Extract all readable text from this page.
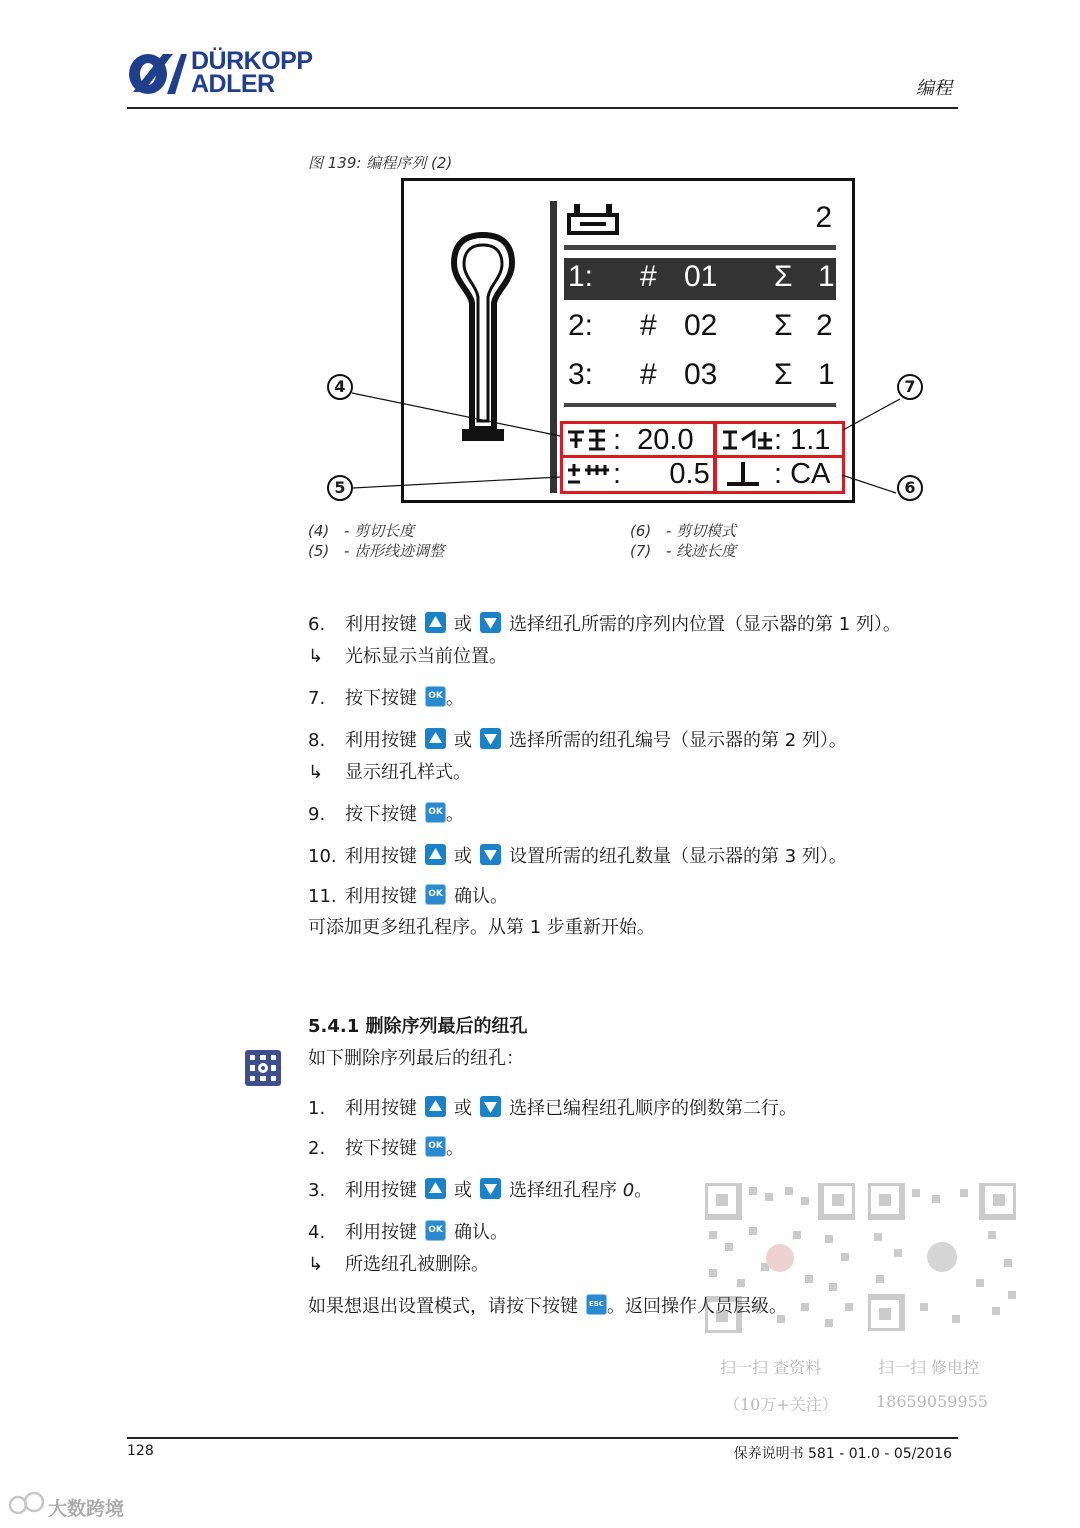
DÜRKOPP
ADLER	编程
图 139: 编程序列 (2)
2
1: # 01 Σ 1
2: # 02 Σ 2
3: # 03 Σ 1
:  20.0	: 1.1
:      0.5 : CA
4
5	6
7
(4) - 剪切长度
(5) - 齿形线迹调整
(6) - 剪切模式
(7) - 线迹长度
6. 利用按键 或 选择纽孔所需的序列内位置（显示器的第 1 列）。
↳ 光标显示当前位置。
7. 按下按键 OK 。
8. 利用按键 或 选择所需的纽孔编号（显示器的第 2 列）。
↳ 显示纽孔样式。
9. 按下按键 OK 。
10. 利用按键 或 设置所需的纽孔数量（显示器的第 3 列）。
11. 利用按键 OK 确认。
可添加更多纽孔程序。从第 1 步重新开始。
5.4.1 删除序列最后的纽孔
如下删除序列最后的纽孔：
1. 利用按键 或 选择已编程纽孔顺序的倒数第二行。
2. 按下按键 OK 。
3. 利用按键 或 选择纽孔程序 0。
4. 利用按键 OK 确认。
↳ 所选纽孔被删除。
如果想退出设置模式，请按下按键 ESC 。返回操作人员层级。
扫一扫 查资料
（10万+关注）
扫一扫 修电控
18659059955
128	保养说明书 581 - 01.0 - 05/2016
大数跨境
